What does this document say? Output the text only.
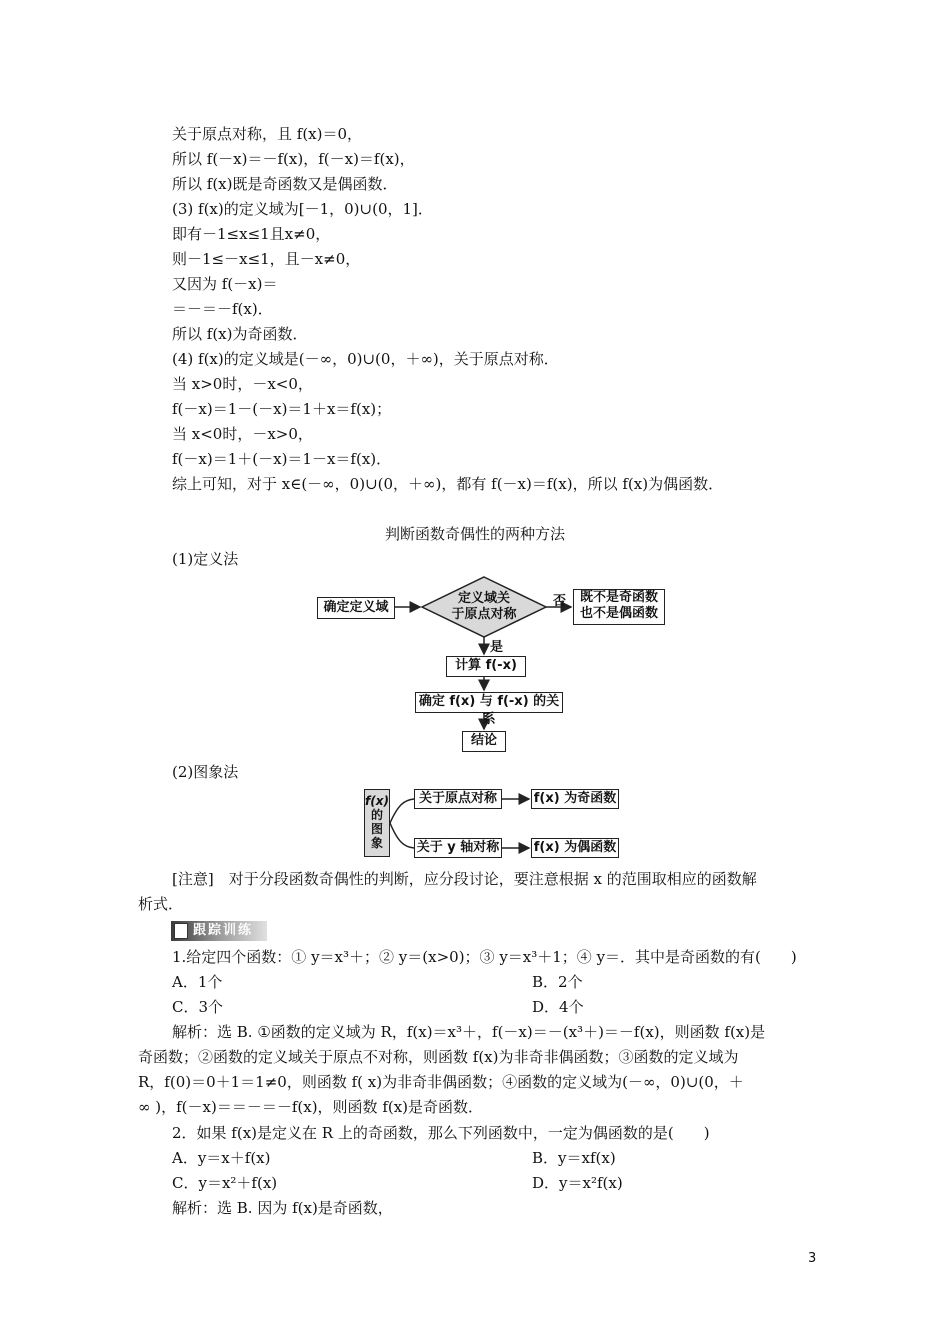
关于原点对称，且 f(x)＝0，
所以 f(－x)＝－f(x)，f(－x)＝f(x)，
所以 f(x)既是奇函数又是偶函数．
(3) f(x)的定义域为[－1，0)∪(0，1]．
即有－1≤x≤1且x≠0，
则－1≤－x≤1，且－x≠0，
又因为 f(－x)＝
＝－＝－f(x)．
所以 f(x)为奇函数．
(4) f(x)的定义域是(－∞，0)∪(0，＋∞)，关于原点对称．
当 x>0时，－x<0，
f(－x)＝1－(－x)＝1＋x＝f(x)；
当 x<0时，－x>0，
f(－x)＝1＋(－x)＝1－x＝f(x)．
综上可知，对于 x∈(－∞，0)∪(0，＋∞)，都有 f(－x)＝f(x)，所以 f(x)为偶函数．
判断函数奇偶性的两种方法
(1)定义法
确定定义域
定义域关
于原点对称
否	既不是奇函数
也不是偶函数
是
计算 f(-x)
确定 f(x) 与 f(-x) 的关系
结论
(2)图象法
f(x)
的
图
象
关于原点对称	f(x) 为奇函数
关于 y 轴对称	f(x) 为偶函数
[注意]　对于分段函数奇偶性的判断，应分段讨论，要注意根据 x 的范围取相应的函数解
析式．
跟踪训练
1.给定四个函数：① y＝x³＋；② y＝(x>0)；③ y＝x³＋1；④ y＝．其中是奇函数的有(　　)
A．1个	B．2个
C．3个	D．4个
解析：选 B. ①函数的定义域为 R，f(x)＝x³＋，f(－x)＝－(x³＋)＝－f(x)，则函数 f(x)是
奇函数；②函数的定义域关于原点不对称，则函数 f(x)为非奇非偶函数；③函数的定义域为
R，f(0)＝0＋1＝1≠0，则函数 f( x)为非奇非偶函数；④函数的定义域为(－∞，0)∪(0，＋
∞ )，f(－x)＝＝－＝－f(x)，则函数 f(x)是奇函数．
2．如果 f(x)是定义在 R 上的奇函数，那么下列函数中，一定为偶函数的是(　　)
A．y＝x＋f(x)	B．y＝xf(x)
C．y＝x²＋f(x)	D．y＝x²f(x)
解析：选 B. 因为 f(x)是奇函数，
3
